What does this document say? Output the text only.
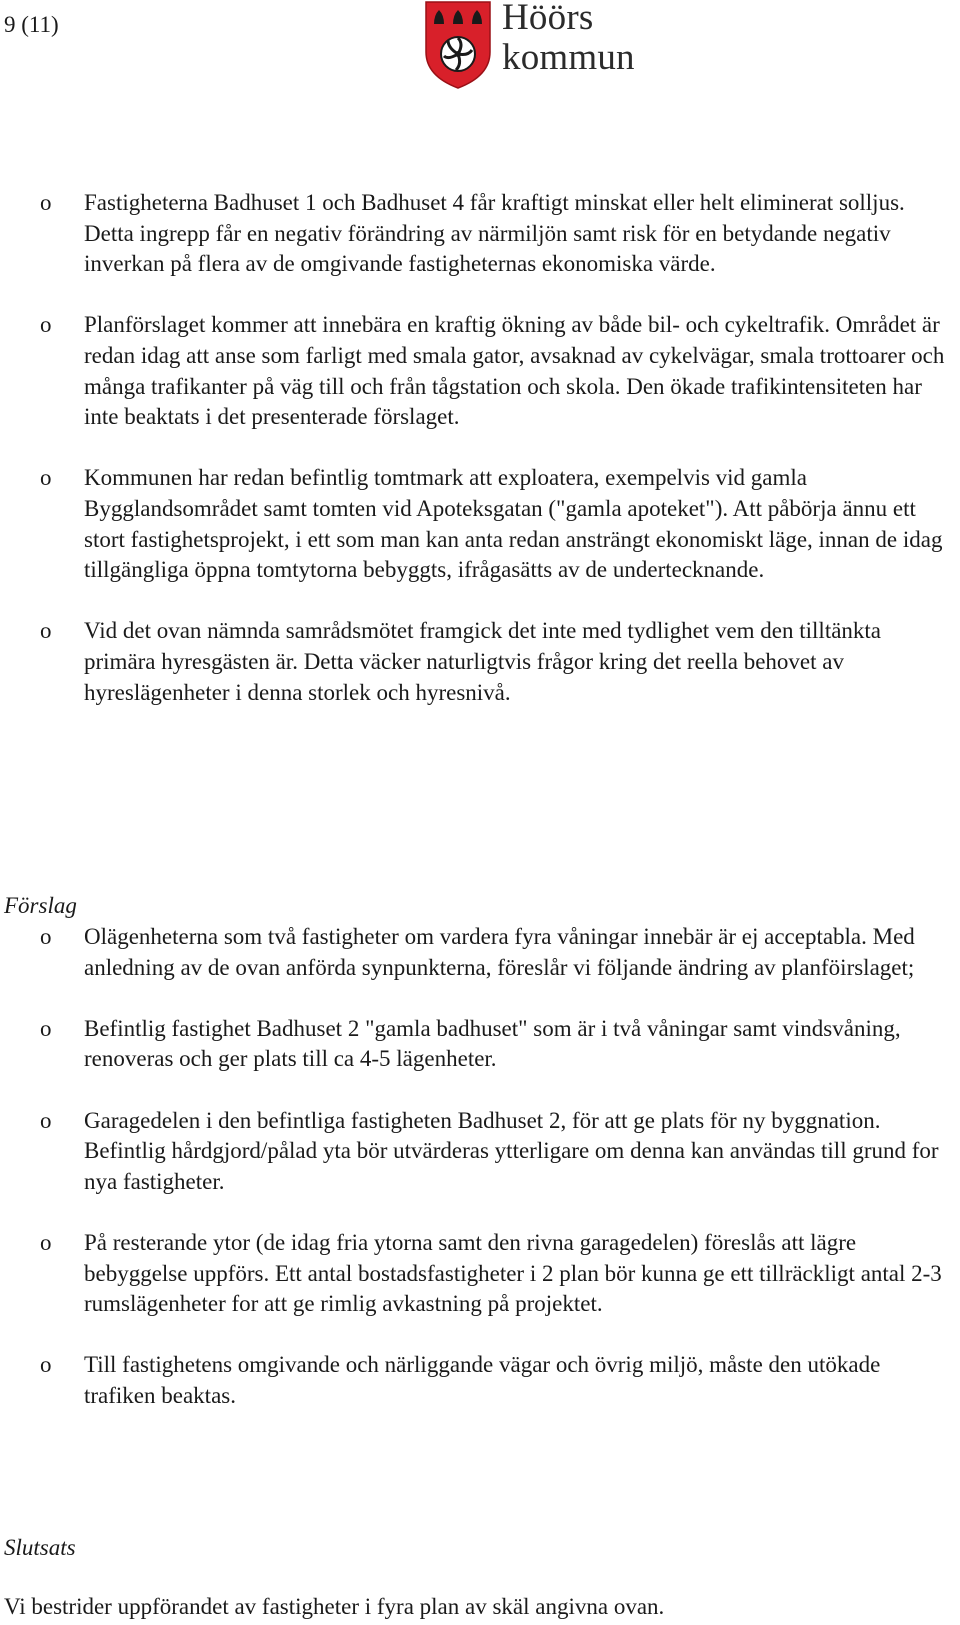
9 (11)	Höörs
kommun
o Fastigheterna Badhuset 1 och Badhuset 4 får kraftigt minskat eller helt eliminerat solljus. Detta ingrepp får en negativ förändring av närmiljön samt risk för en betydande negativ inverkan på flera av de omgivande fastigheternas ekonomiska värde.
o Planförslaget kommer att innebära en kraftig ökning av både bil- och cykeltrafik. Området är redan idag att anse som farligt med smala gator, avsaknad av cykelvägar, smala trottoarer och många trafikanter på väg till och från tågstation och skola. Den ökade trafikintensiteten har inte beaktats i det presenterade förslaget.
o Kommunen har redan befintlig tomtmark att exploatera, exempelvis vid gamla Bygglandsområdet samt tomten vid Apoteksgatan ("gamla apoteket"). Att påbörja ännu ett stort fastighetsprojekt, i ett som man kan anta redan ansträngt ekonomiskt läge, innan de idag tillgängliga öppna tomtytorna bebyggts, ifrågasätts av de undertecknande.
o Vid det ovan nämnda samrådsmötet framgick det inte med tydlighet vem den tilltänkta primära hyresgästen är. Detta väcker naturligtvis frågor kring det reella behovet av hyreslägenheter i denna storlek och hyresnivå.
Förslag
o Olägenheterna som två fastigheter om vardera fyra våningar innebär är ej acceptabla. Med anledning av de ovan anförda synpunkterna, föreslår vi följande ändring av planföirslaget;
o Befintlig fastighet Badhuset 2 "gamla badhuset" som är i två våningar samt vindsvåning, renoveras och ger plats till ca 4-5 lägenheter.
o Garagedelen i den befintliga fastigheten Badhuset 2, för att ge plats för ny byggnation. Befintlig hårdgjord/pålad yta bör utvärderas ytterligare om denna kan användas till grund for nya fastigheter.
o På resterande ytor (de idag fria ytorna samt den rivna garagedelen) föreslås att lägre bebyggelse uppförs. Ett antal bostadsfastigheter i 2 plan bör kunna ge ett tillräckligt antal 2-3 rumslägenheter for att ge rimlig avkastning på projektet.
o Till fastighetens omgivande och närliggande vägar och övrig miljö, måste den utökade trafiken beaktas.
Slutsats
Vi bestrider uppförandet av fastigheter i fyra plan av skäl angivna ovan.
